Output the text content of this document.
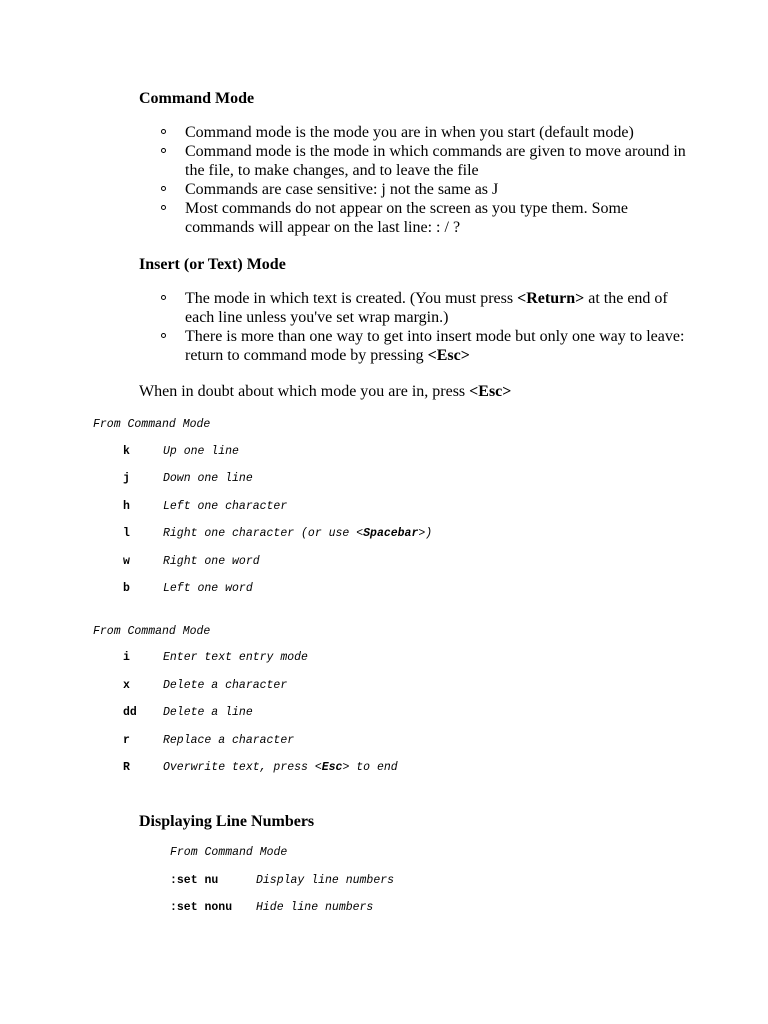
Command Mode
Command mode is the mode you are in when you start (default mode)
Command mode is the mode in which commands are given to move around in the file, to make changes, and to leave the file
Commands are case sensitive: j not the same as J
Most commands do not appear on the screen as you type them. Some commands will appear on the last line: : / ?
Insert (or Text) Mode
The mode in which text is created. (You must press <Return> at the end of each line unless you've set wrap margin.)
There is more than one way to get into insert mode but only one way to leave: return to command mode by pressing <Esc>
When in doubt about which mode you are in, press <Esc>
From Command Mode
k	Up one line
j	Down one line
h	Left one character
l	Right one character (or use <Spacebar>)
w	Right one word
b	Left one word
From Command Mode
i	Enter text entry mode
x	Delete a character
dd Delete a line
r	Replace a character
R	Overwrite text, press <Esc> to end
Displaying Line Numbers
From Command Mode
:set nu	Display line numbers
:set nonu Hide line numbers
